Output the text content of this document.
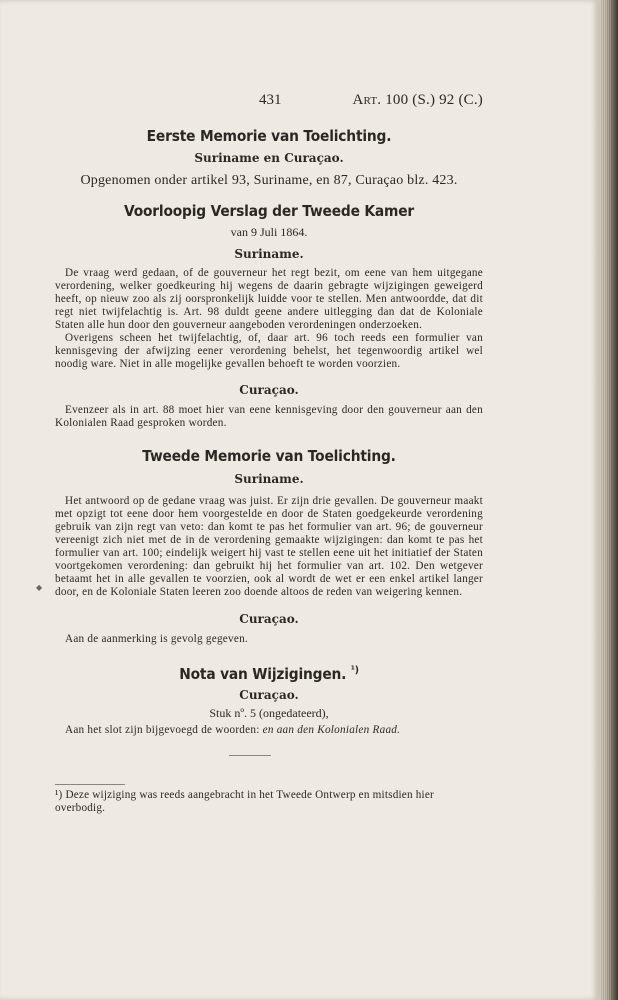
◆
431	Art. 100 (S.) 92 (C.)
Eerste Memorie van Toelichting.
Suriname en Curaçao.

Opgenomen onder artikel 93, Suriname, en 87, Curaçao blz. 423.

Voorloopig Verslag der Tweede Kamer

van 9 Juli 1864.

Suriname.

De vraag werd gedaan, of de gouverneur het regt bezit, om eene van hem uitgegane verordening, welker goedkeuring hij wegens de daarin gebragte wijzigingen geweigerd heeft, op nieuw zoo als zij oorspronkelijk luidde voor te stellen. Men antwoordde, dat dit regt niet twijfelachtig is. Art. 98 duldt geene andere uitlegging dan dat de Koloniale Staten alle hun door den gouverneur aangeboden verordeningen onderzoeken.

Overigens scheen het twijfelachtig, of, daar art. 96 toch reeds een formulier van kennisgeving der afwijzing eener verordening behelst, het tegenwoordig artikel wel noodig ware. Niet in alle mogelijke gevallen behoeft te worden voorzien.

Curaçao.

Evenzeer als in art. 88 moet hier van eene kennisgeving door den gouverneur aan den Kolonialen Raad gesproken worden.

Tweede Memorie van Toelichting.
Suriname.

Het antwoord op de gedane vraag was juist. Er zijn drie gevallen. De gouverneur maakt met opzigt tot eene door hem voorgestelde en door de Staten goedgekeurde verordening gebruik van zijn regt van veto: dan komt te pas het formulier van art. 96; de gouverneur vereenigt zich niet met de in de verordening gemaakte wijzigingen: dan komt te pas het formulier van art. 100; eindelijk weigert hij vast te stellen eene uit het initiatief der Staten voortgekomen verordening: dan gebruikt hij het formulier van art. 102. Den wetgever betaamt het in alle gevallen te voorzien, ook al wordt de wet er een enkel artikel langer door, en de Koloniale Staten leeren zoo doende altoos de reden van weigering kennen.

Curaçao.

Aan de aanmerking is gevolg gegeven.

Nota van Wijzigingen. $^{^1)}$
Curaçao.

Stuk nº. 5 (ongedateerd),

Aan het slot zijn bijgevoegd de woorden: en aan den Kolonialen Raad.

¹) Deze wijziging was reeds aangebracht in het Tweede Ontwerp en mitsdien hier overbodig.
